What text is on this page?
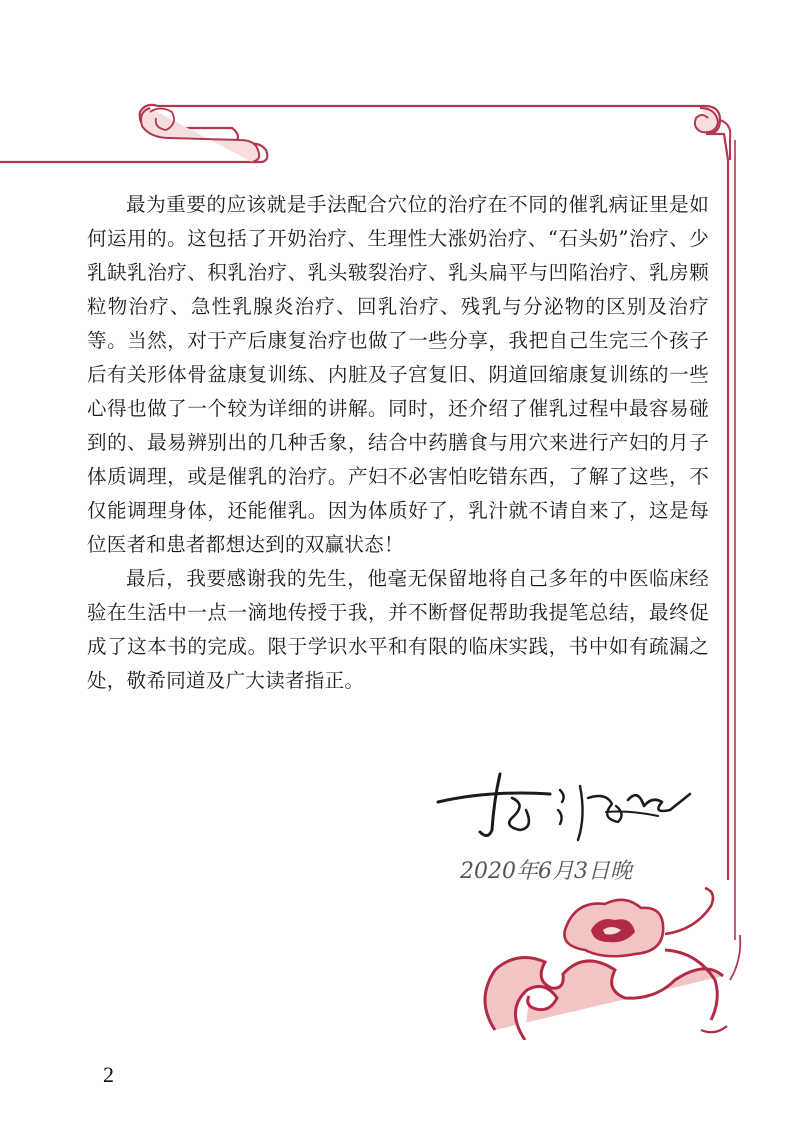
最为重要的应该就是手法配合穴位的治疗在不同的催乳病证里是如何运用的。这包括了开奶治疗、生理性大涨奶治疗、“石头奶”治疗、少乳缺乳治疗、积乳治疗、乳头皲裂治疗、乳头扁平与凹陷治疗、乳房颗粒物治疗、急性乳腺炎治疗、回乳治疗、残乳与分泌物的区别及治疗等。当然，对于产后康复治疗也做了一些分享，我把自己生完三个孩子后有关形体骨盆康复训练、内脏及子宫复旧、阴道回缩康复训练的一些心得也做了一个较为详细的讲解。同时，还介绍了催乳过程中最容易碰到的、最易辨别出的几种舌象，结合中药膳食与用穴来进行产妇的月子体质调理，或是催乳的治疗。产妇不必害怕吃错东西，了解了这些，不仅能调理身体，还能催乳。因为体质好了，乳汁就不请自来了，这是每位医者和患者都想达到的双赢状态！

最后，我要感谢我的先生，他毫无保留地将自己多年的中医临床经验在生活中一点一滴地传授于我，并不断督促帮助我提笔总结，最终促成了这本书的完成。限于学识水平和有限的临床实践，书中如有疏漏之处，敬希同道及广大读者指正。

2020年6月3日晚
2
